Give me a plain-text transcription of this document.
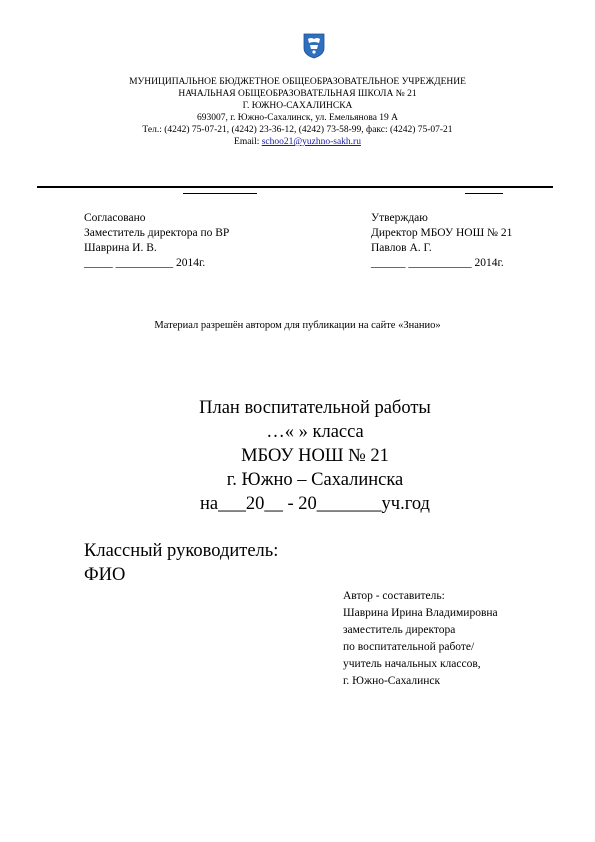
МУНИЦИПАЛЬНОЕ БЮДЖЕТНОЕ ОБЩЕОБРАЗОВАТЕЛЬНОЕ УЧРЕЖДЕНИЕ
НАЧАЛЬНАЯ ОБЩЕОБРАЗОВАТЕЛЬНАЯ ШКОЛА № 21
Г. ЮЖНО-САХАЛИНСКА
693007, г. Южно-Сахалинск, ул. Емельянова 19 А
Тел.: (4242) 75-07-21, (4242) 23-36-12, (4242) 73-58-99, факс: (4242) 75-07-21
Email: schoo21@yuzhno-sakh.ru
Согласовано
Заместитель директора по ВР
Шаврина И. В.
_____ __________ 2014г.
Утверждаю
Директор МБОУ НОШ № 21
Павлов А. Г.
______ ___________ 2014г.
Материал разрешён автором для публикации на сайте «Знанио»
План воспитательной работы
…« » класса
МБОУ НОШ № 21
г. Южно – Сахалинска
на___20__ - 20_______уч.год
Классный руководитель:
ФИО
Автор - составитель:
Шаврина Ирина Владимировна
заместитель директора
по воспитательной работе/
учитель начальных классов,
г. Южно-Сахалинск
